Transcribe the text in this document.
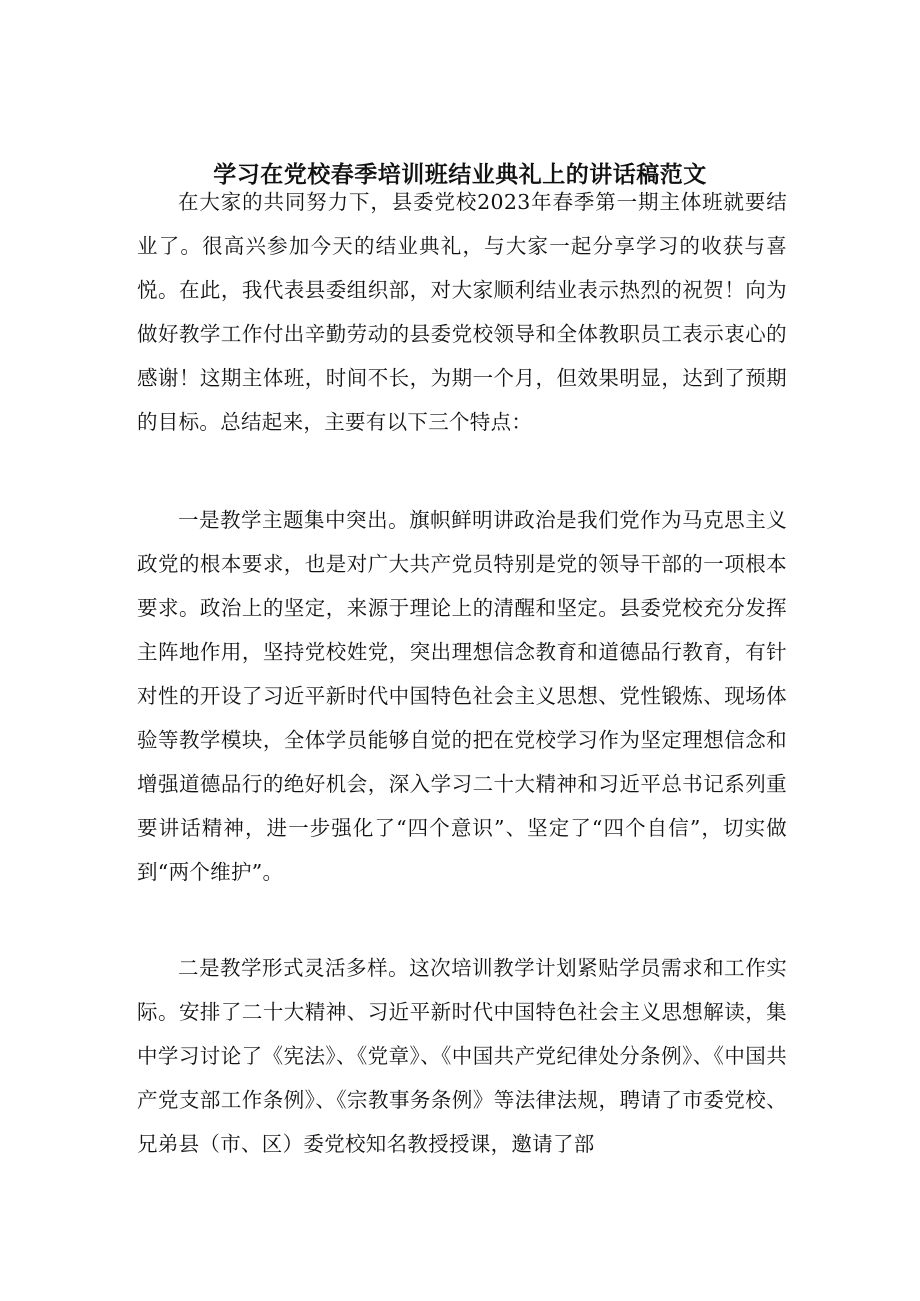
学习在党校春季培训班结业典礼上的讲话稿范文

在大家的共同努力下，县委党校2023年春季第一期主体班就要结业了。很高兴参加今天的结业典礼，与大家一起分享学习的收获与喜悦。在此，我代表县委组织部，对大家顺利结业表示热烈的祝贺！向为做好教学工作付出辛勤劳动的县委党校领导和全体教职员工表示衷心的感谢！这期主体班，时间不长，为期一个月，但效果明显，达到了预期的目标。总结起来，主要有以下三个特点：

一是教学主题集中突出。旗帜鲜明讲政治是我们党作为马克思主义政党的根本要求，也是对广大共产党员特别是党的领导干部的一项根本要求。政治上的坚定，来源于理论上的清醒和坚定。县委党校充分发挥主阵地作用，坚持党校姓党，突出理想信念教育和道德品行教育，有针对性的开设了习近平新时代中国特色社会主义思想、党性锻炼、现场体验等教学模块，全体学员能够自觉的把在党校学习作为坚定理想信念和增强道德品行的绝好机会，深入学习二十大精神和习近平总书记系列重要讲话精神，进一步强化了“四个意识”、坚定了“四个自信”，切实做到“两个维护”。

二是教学形式灵活多样。这次培训教学计划紧贴学员需求和工作实际。安排了二十大精神、习近平新时代中国特色社会主义思想解读，集中学习讨论了《宪法》、《党章》、《中国共产党纪律处分条例》、《中国共产党支部工作条例》、《宗教事务条例》等法律法规，聘请了市委党校、兄弟县（市、区）委党校知名教授授课，邀请了部
